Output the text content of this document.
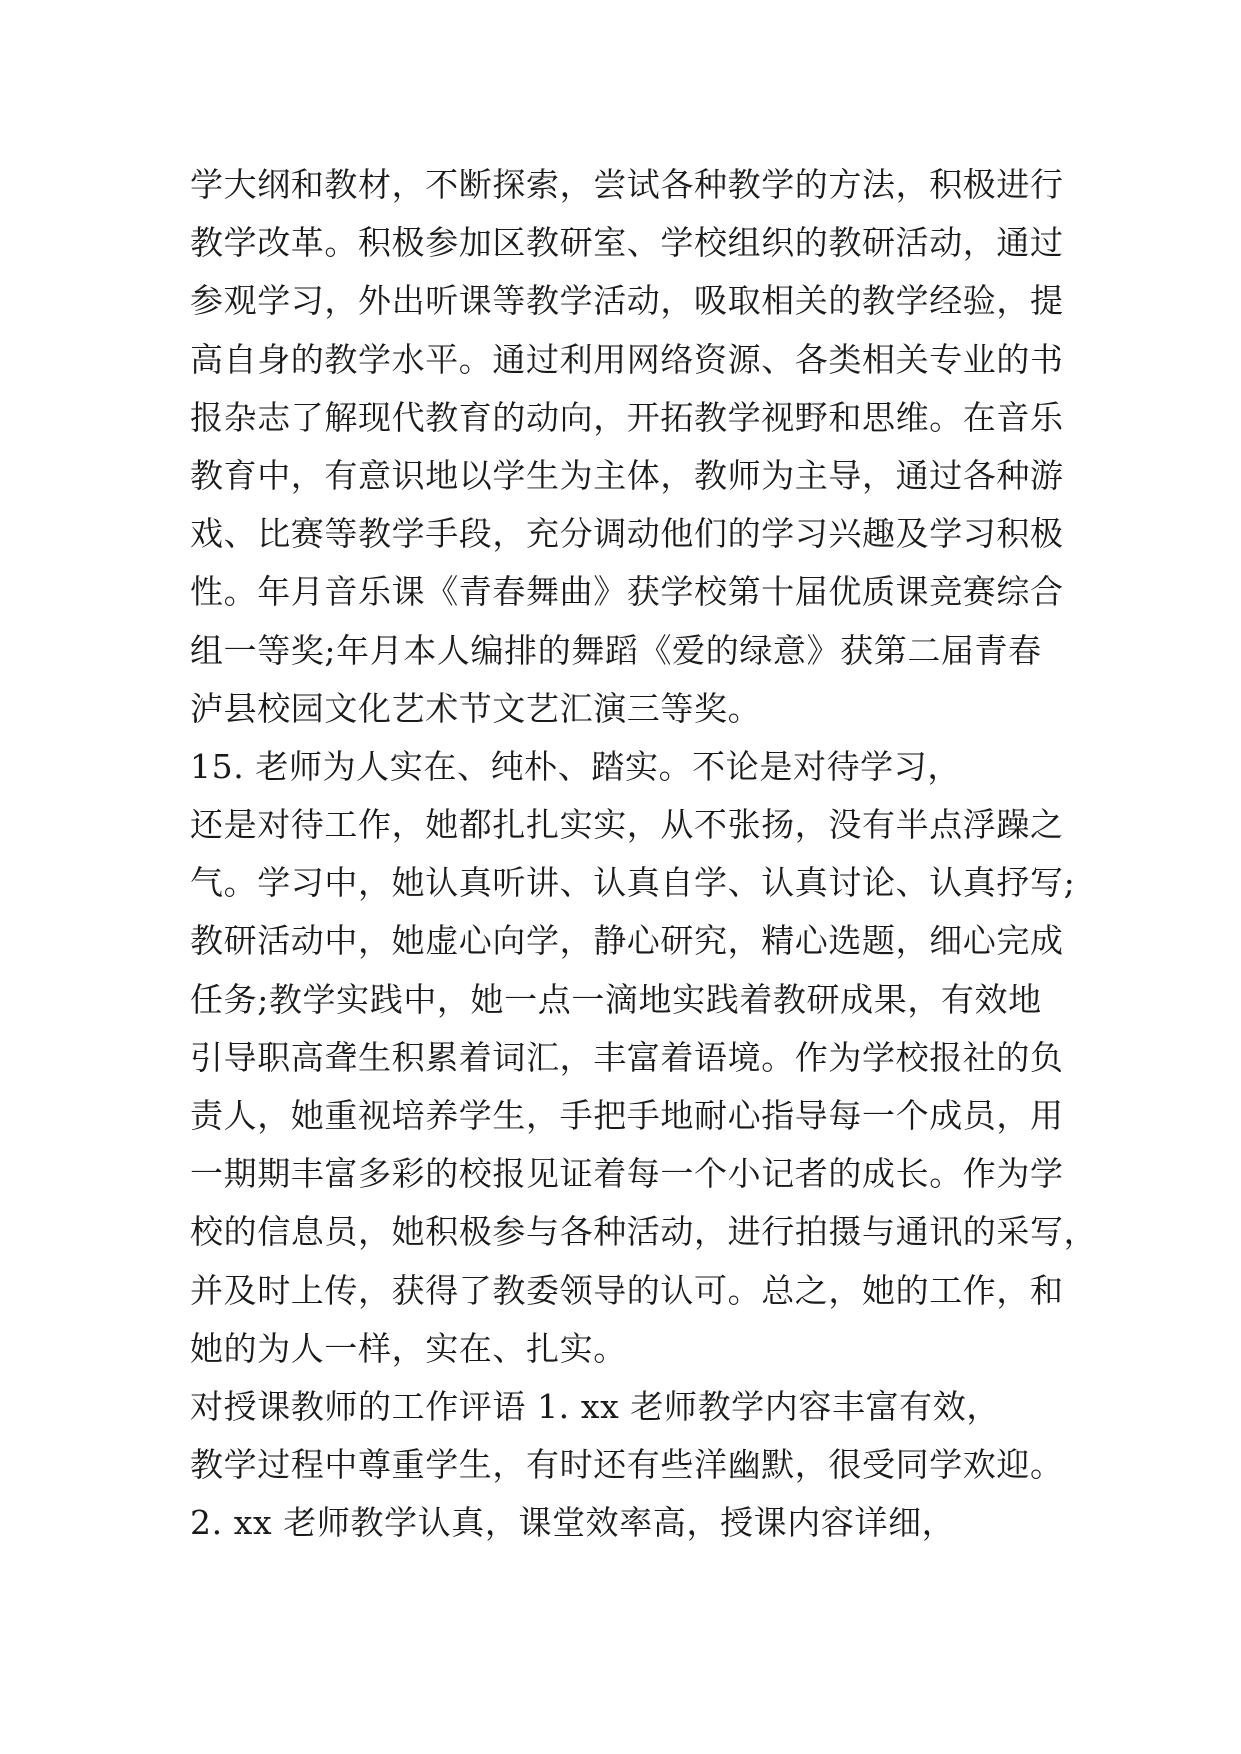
学大纲和教材，不断探索，尝试各种教学的方法，积极进行
教学改革。积极参加区教研室、学校组织的教研活动，通过
参观学习，外出听课等教学活动，吸取相关的教学经验，提
高自身的教学水平。通过利用网络资源、各类相关专业的书
报杂志了解现代教育的动向，开拓教学视野和思维。在音乐
教育中，有意识地以学生为主体，教师为主导，通过各种游
戏、比赛等教学手段，充分调动他们的学习兴趣及学习积极
性。年月音乐课《青春舞曲》获学校第十届优质课竞赛综合
组一等奖;年月本人编排的舞蹈《爱的绿意》获第二届青春
泸县校园文化艺术节文艺汇演三等奖。
15. 老师为人实在、纯朴、踏实。不论是对待学习，
还是对待工作，她都扎扎实实，从不张扬，没有半点浮躁之
气。学习中，她认真听讲、认真自学、认真讨论、认真抒写;
教研活动中，她虚心向学，静心研究，精心选题，细心完成
任务;教学实践中，她一点一滴地实践着教研成果，有效地
引导职高聋生积累着词汇，丰富着语境。作为学校报社的负
责人，她重视培养学生，手把手地耐心指导每一个成员，用
一期期丰富多彩的校报见证着每一个小记者的成长。作为学
校的信息员，她积极参与各种活动，进行拍摄与通讯的采写，
并及时上传，获得了教委领导的认可。总之，她的工作，和
她的为人一样，实在、扎实。
对授课教师的工作评语 1. xx 老师教学内容丰富有效，
教学过程中尊重学生，有时还有些洋幽默，很受同学欢迎。
2. xx 老师教学认真，课堂效率高，授课内容详细，
